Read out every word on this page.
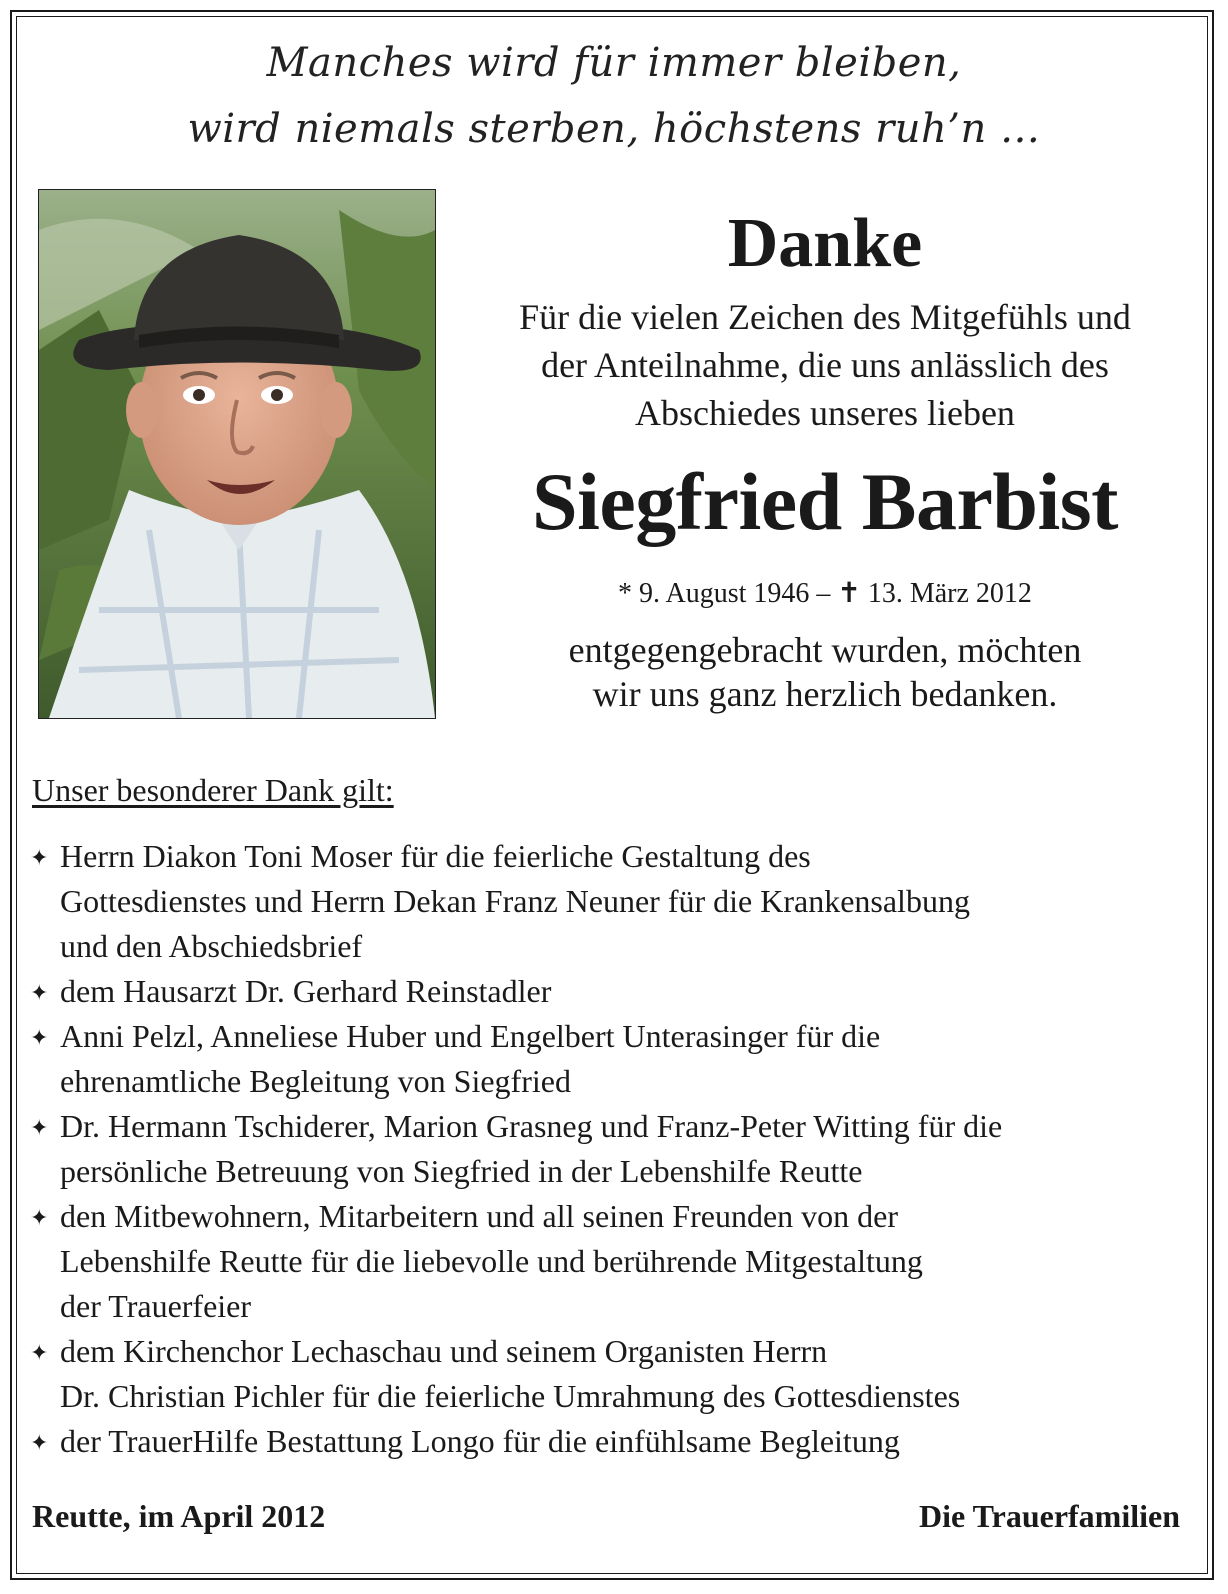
Manches wird für immer bleiben,
wird niemals sterben, höchstens ruh’n …
Danke
Für die vielen Zeichen des Mitgefühls und
der Anteilnahme, die uns anlässlich des
Abschiedes unseres lieben
Siegfried Barbist
* 9. August 1946 – ✝ 13. März 2012
entgegengebracht wurden, möchten
wir uns ganz herzlich bedanken.
Unser besonderer Dank gilt:
✦ Herrn Diakon Toni Moser für die feierliche Gestaltung des
Gottesdienstes und Herrn Dekan Franz Neuner für die Krankensalbung
und den Abschiedsbrief
✦ dem Hausarzt Dr. Gerhard Reinstadler
✦ Anni Pelzl, Anneliese Huber und Engelbert Unterasinger für die
ehrenamtliche Begleitung von Siegfried
✦ Dr. Hermann Tschiderer, Marion Grasneg und Franz-Peter Witting für die
persönliche Betreuung von Siegfried in der Lebenshilfe Reutte
✦ den Mitbewohnern, Mitarbeitern und all seinen Freunden von der
Lebenshilfe Reutte für die liebevolle und berührende Mitgestaltung
der Trauerfeier
✦ dem Kirchenchor Lechaschau und seinem Organisten Herrn
Dr. Christian Pichler für die feierliche Umrahmung des Gottesdienstes
✦ der TrauerHilfe Bestattung Longo für die einfühlsame Begleitung
Reutte, im April 2012	Die Trauerfamilien
